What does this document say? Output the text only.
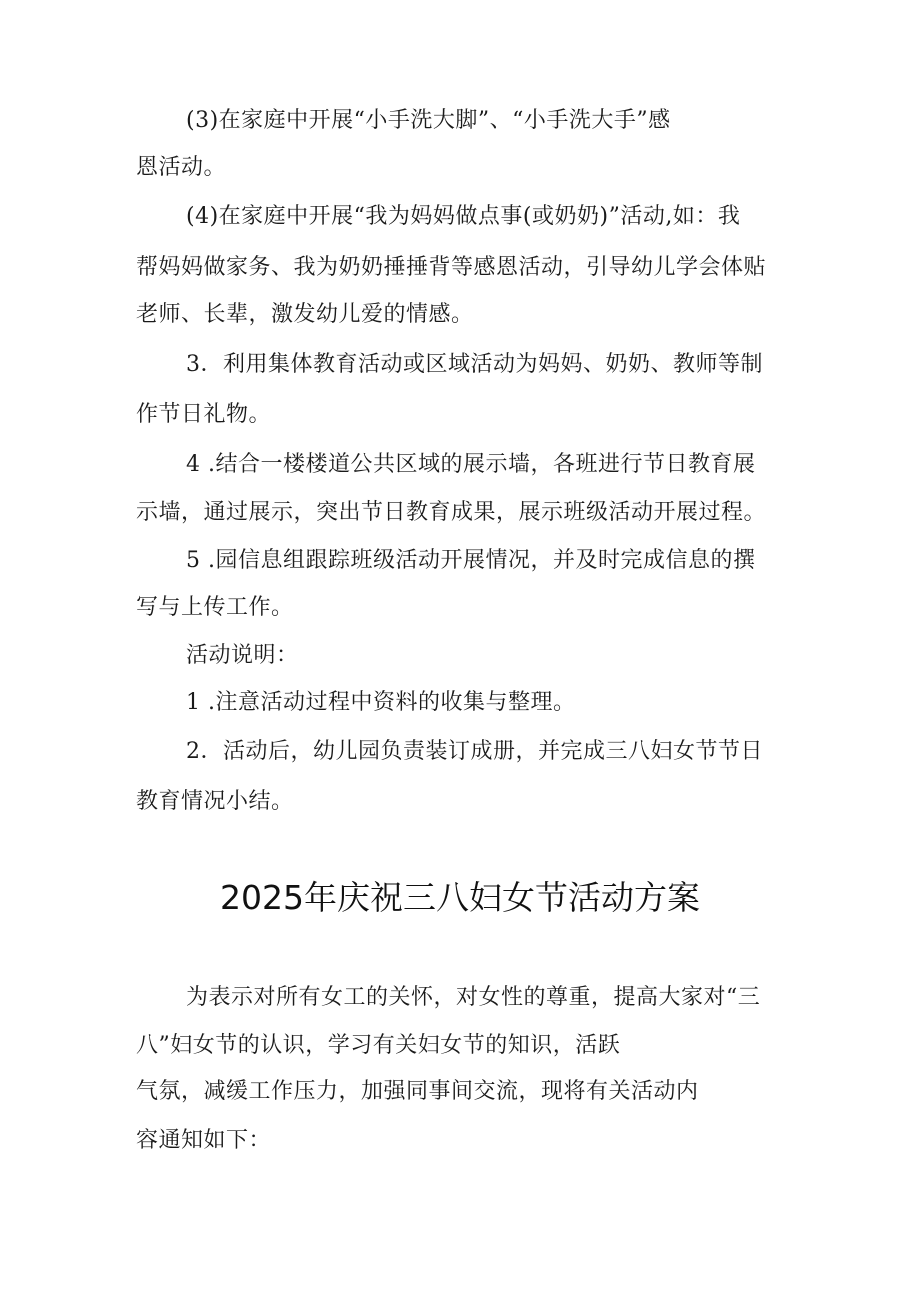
(3)在家庭中开展“小手洗大脚”、“小手洗大手”感
恩活动。
(4)在家庭中开展“我为妈妈做点事(或奶奶)”活动,如：我
帮妈妈做家务、我为奶奶捶捶背等感恩活动，引导幼儿学会体贴
老师、长辈，激发幼儿爱的情感。
3．利用集体教育活动或区域活动为妈妈、奶奶、教师等制
作节日礼物。
4 .结合一楼楼道公共区域的展示墙，各班进行节日教育展
示墙，通过展示，突出节日教育成果，展示班级活动开展过程。
5 .园信息组跟踪班级活动开展情况，并及时完成信息的撰
写与上传工作。
活动说明：
1 .注意活动过程中资料的收集与整理。
2．活动后，幼儿园负责装订成册，并完成三八妇女节节日
教育情况小结。
2025年庆祝三八妇女节活动方案
为表示对所有女工的关怀，对女性的尊重，提高大家对“三
八”妇女节的认识，学习有关妇女节的知识，活跃
气氛，减缓工作压力，加强同事间交流，现将有关活动内
容通知如下：
